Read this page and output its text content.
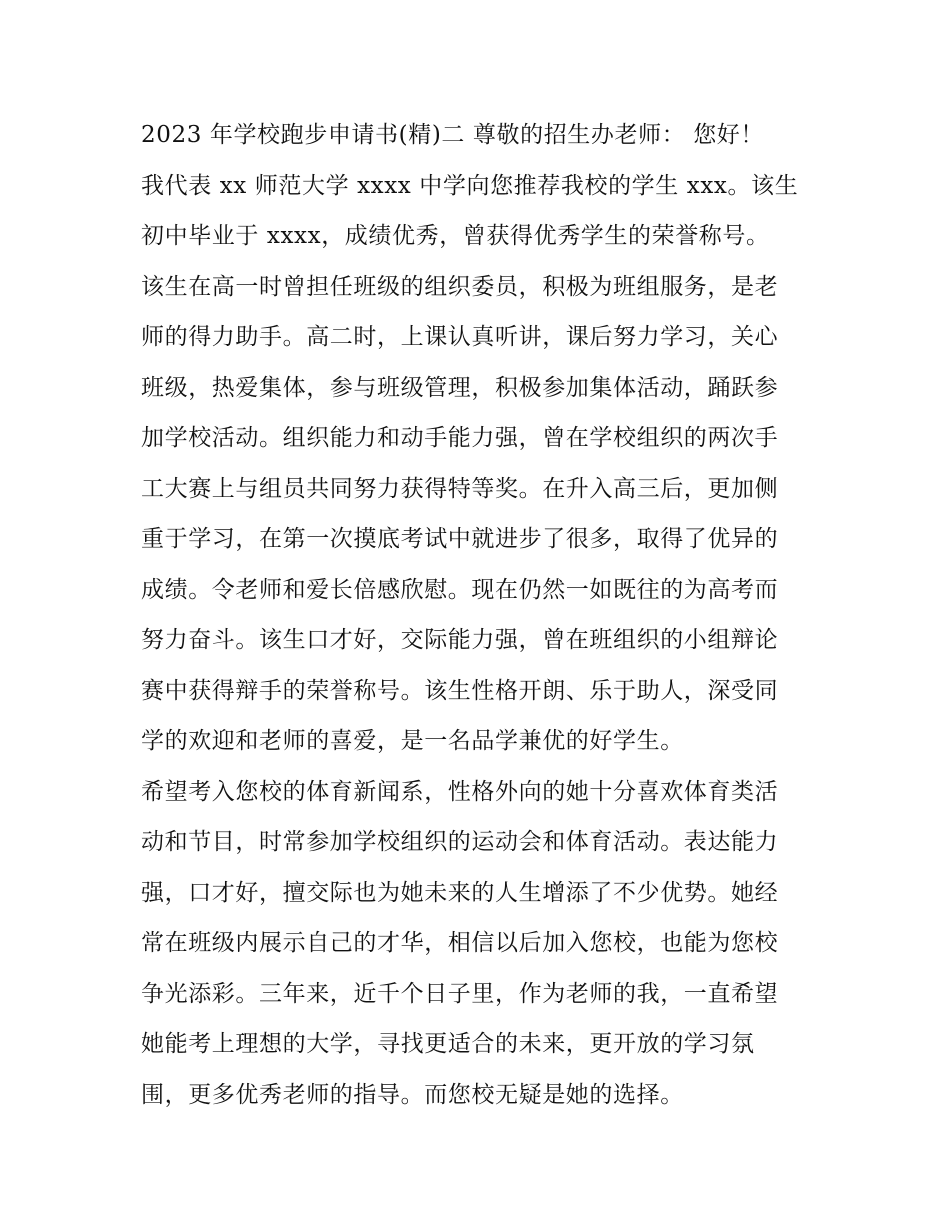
2023 年学校跑步申请书(精)二 尊敬的招生办老师： 您好！

我代表 xx 师范大学 xxxx 中学向您推荐我校的学生 xxx。该生
初中毕业于 xxxx，成绩优秀，曾获得优秀学生的荣誉称号。

该生在高一时曾担任班级的组织委员，积极为班组服务，是老
师的得力助手。高二时，上课认真听讲，课后努力学习，关心
班级，热爱集体，参与班级管理，积极参加集体活动，踊跃参
加学校活动。组织能力和动手能力强，曾在学校组织的两次手
工大赛上与组员共同努力获得特等奖。在升入高三后，更加侧
重于学习，在第一次摸底考试中就进步了很多，取得了优异的
成绩。令老师和爱长倍感欣慰。现在仍然一如既往的为高考而
努力奋斗。该生口才好，交际能力强，曾在班组织的小组辩论
赛中获得辩手的荣誉称号。该生性格开朗、乐于助人，深受同
学的欢迎和老师的喜爱，是一名品学兼优的好学生。

希望考入您校的体育新闻系，性格外向的她十分喜欢体育类活
动和节目，时常参加学校组织的运动会和体育活动。表达能力
强，口才好，擅交际也为她未来的人生增添了不少优势。她经
常在班级内展示自己的才华，相信以后加入您校，也能为您校
争光添彩。三年来，近千个日子里，作为老师的我，一直希望
她能考上理想的大学，寻找更适合的未来，更开放的学习氛
围，更多优秀老师的指导。而您校无疑是她的选择。
